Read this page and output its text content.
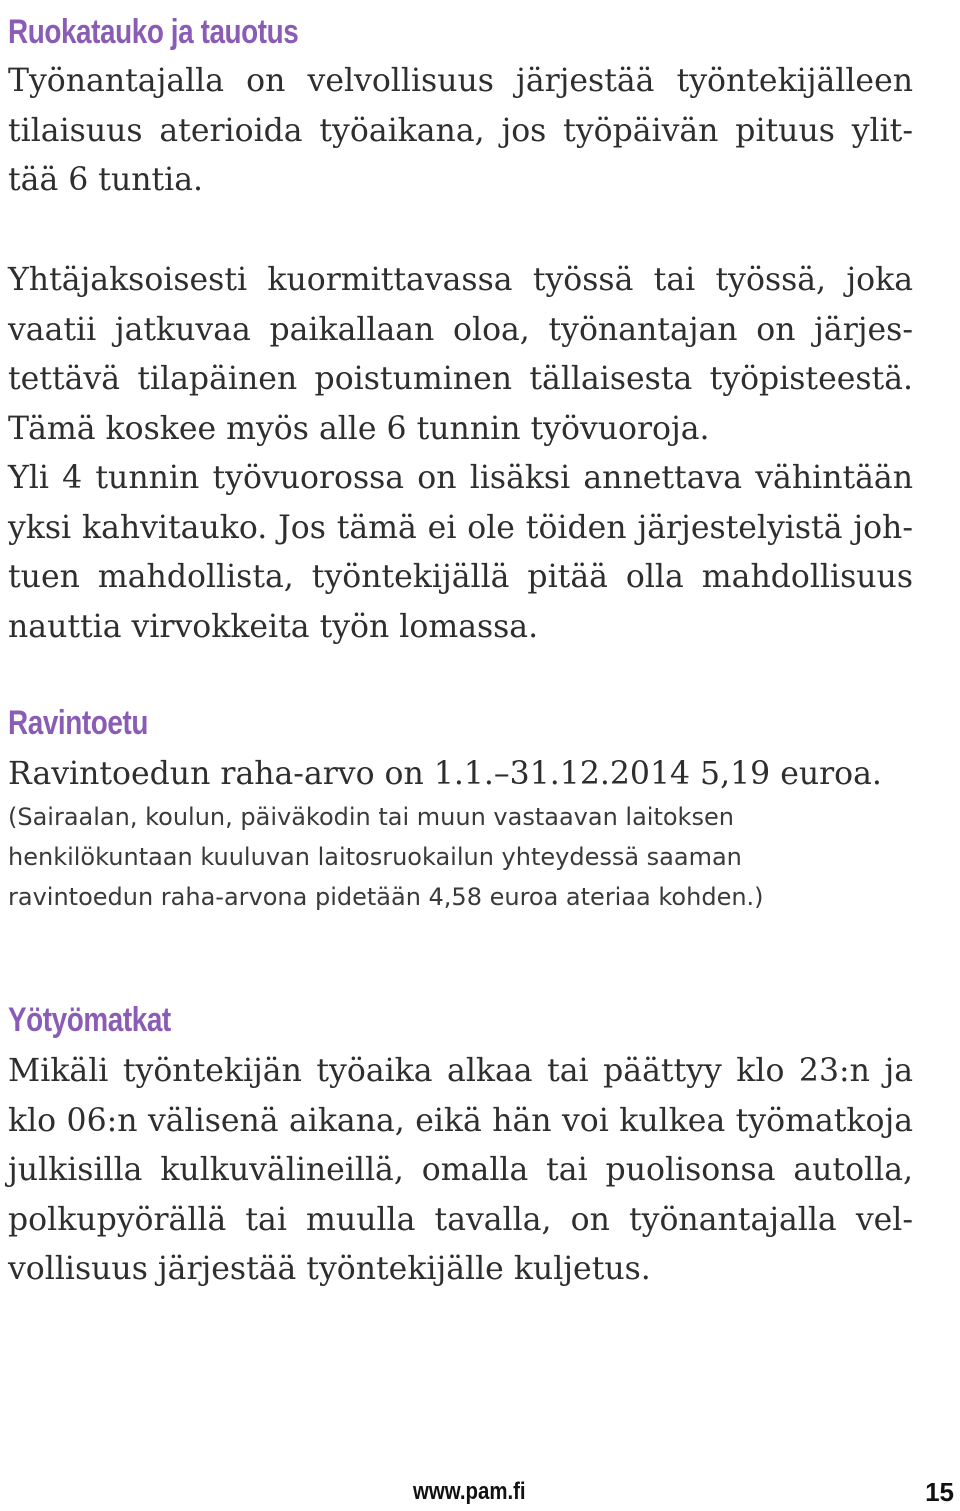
Ruokatauko ja tauotus
Työnantajalla on velvollisuus järjestää työntekijälleen
tilaisuus aterioida työaikana, jos työpäivän pituus ylit-
tää 6 tuntia.
Yhtäjaksoisesti kuormittavassa työssä tai työssä, joka
vaatii jatkuvaa paikallaan oloa, työnantajan on järjes-
tettävä tilapäinen poistuminen tällaisesta työpisteestä.
Tämä koskee myös alle 6 tunnin työvuoroja.
Yli 4 tunnin työvuorossa on lisäksi annettava vähintään
yksi kahvitauko. Jos tämä ei ole töiden järjestelyistä joh-
tuen mahdollista, työntekijällä pitää olla mahdollisuus
nauttia virvokkeita työn lomassa.
Ravintoetu
Ravintoedun raha-arvo on 1.1.–31.12.2014 5,19 euroa.
(Sairaalan, koulun, päiväkodin tai muun vastaavan laitoksen
henkilökuntaan kuuluvan laitosruokailun yhteydessä saaman
ravintoedun raha-arvona pidetään 4,58 euroa ateriaa kohden.)
Yötyömatkat
Mikäli työntekijän työaika alkaa tai päättyy klo 23:n ja
klo 06:n välisenä aikana, eikä hän voi kulkea työmatkoja
julkisilla kulkuvälineillä, omalla tai puolisonsa autolla,
polkupyörällä tai muulla tavalla, on työnantajalla vel-
vollisuus järjestää työntekijälle kuljetus.
www.pam.fi	15
